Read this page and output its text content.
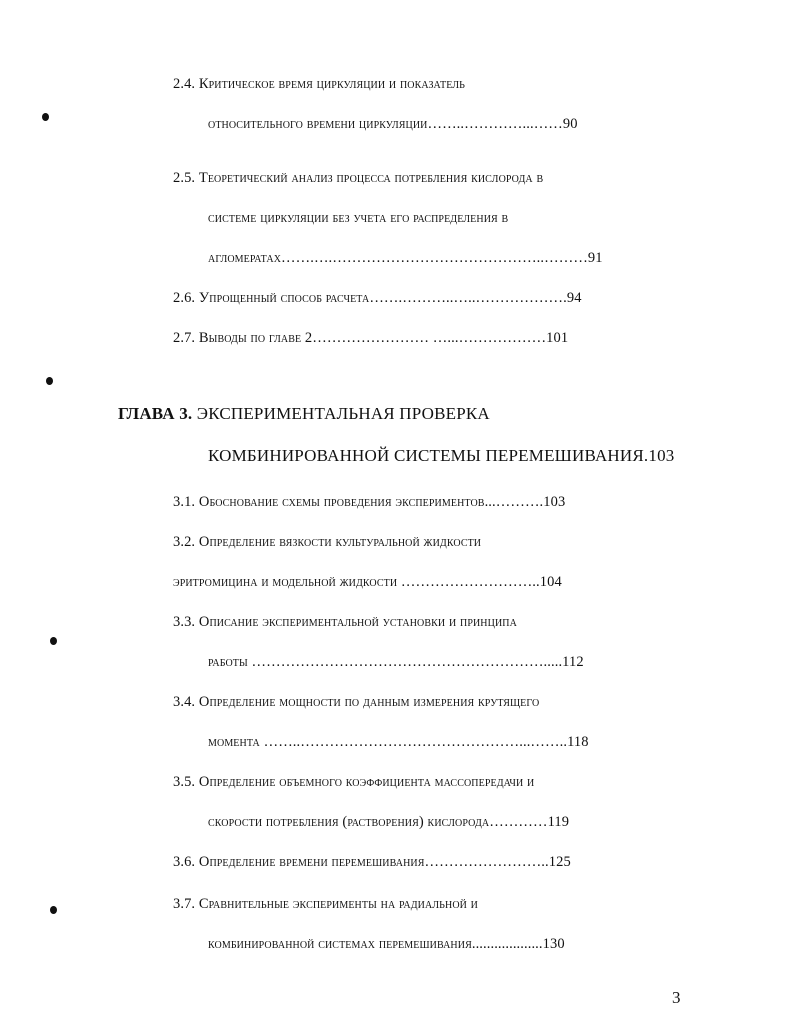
2.4. Критическое время циркуляции и показатель
относительного времени циркуляции……..…………...……90
2.5. Теоретический анализ процесса потребления кислорода в
системе циркуляции без учета его распределения в
агломератах…….….……………………………………..………91
2.6. Упрощенный способ расчета…….………..…..……………….94
2.7. Выводы по главе 2…………………… …...………………101
ГЛАВА 3. ЭКСПЕРИМЕНТАЛЬНАЯ ПРОВЕРКА
КОМБИНИРОВАННОЙ СИСТЕМЫ ПЕРЕМЕШИВАНИЯ.103
3.1. Обоснование схемы проведения экспериментов...……….103
3.2. Определение вязкости культуральной жидкости
эритромицина и модельной жидкости ………………………..104
3.3. Описание экспериментальной установки и принципа
работы …………………………………………………….....112
3.4. Определение мощности по данным измерения крутящего
момента ……..………………………………………...……..118
3.5. Определение объемного коэффициента массопередачи и
скорости потребления (растворения) кислорода…………119
3.6. Определение времени перемешивания……………………..125
3.7. Сравнительные эксперименты на радиальной и
комбинированной системах перемешивания...................130
3
